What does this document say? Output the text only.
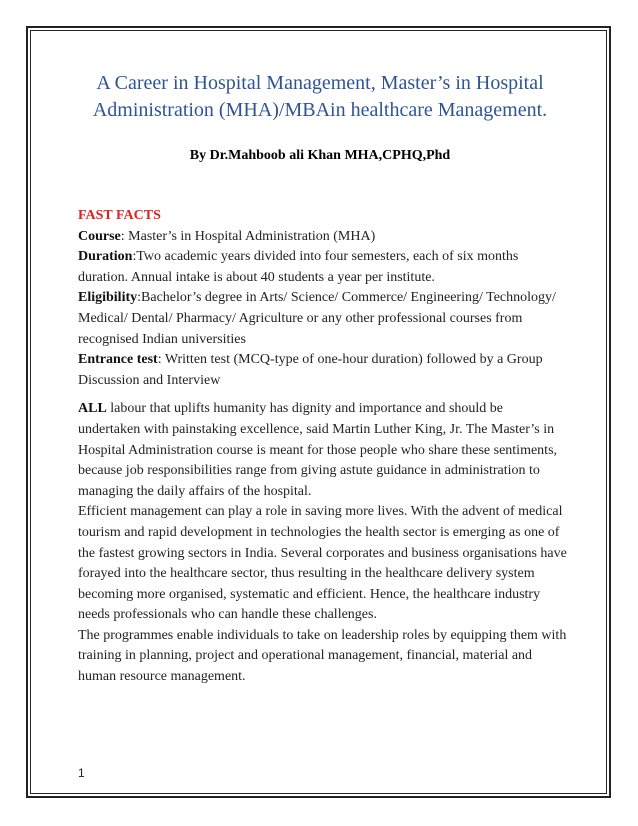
A Career in Hospital Management, Master’s in Hospital
Administration (MHA)/MBAin healthcare Management.
By Dr.Mahboob ali Khan MHA,CPHQ,Phd

FAST FACTS

Course: Master’s in Hospital Administration (MHA)

Duration:Two academic years divided into four semesters, each of six months duration. Annual intake is about 40 students a year per institute.

Eligibility:Bachelor’s degree in Arts/ Science/ Commerce/ Engineering/ Technology/ Medical/ Dental/ Pharmacy/ Agriculture or any other professional courses from recognised Indian universities

Entrance test: Written test (MCQ-type of one-hour duration) followed by a Group Discussion and Interview

ALL labour that uplifts humanity has dignity and importance and should be undertaken with painstaking excellence, said Martin Luther King, Jr. The Master’s in Hospital Administration course is meant for those people who share these sentiments, because job responsibilities range from giving astute guidance in administration to managing the daily affairs of the hospital.

Efficient management can play a role in saving more lives. With the advent of medical tourism and rapid development in technologies the health sector is emerging as one of the fastest growing sectors in India. Several corporates and business organisations have forayed into the healthcare sector, thus resulting in the healthcare delivery system becoming more organised, systematic and efficient. Hence, the healthcare industry needs professionals who can handle these challenges.

The programmes enable individuals to take on leadership roles by equipping them with training in planning, project and operational management, financial, material and human resource management.

1
